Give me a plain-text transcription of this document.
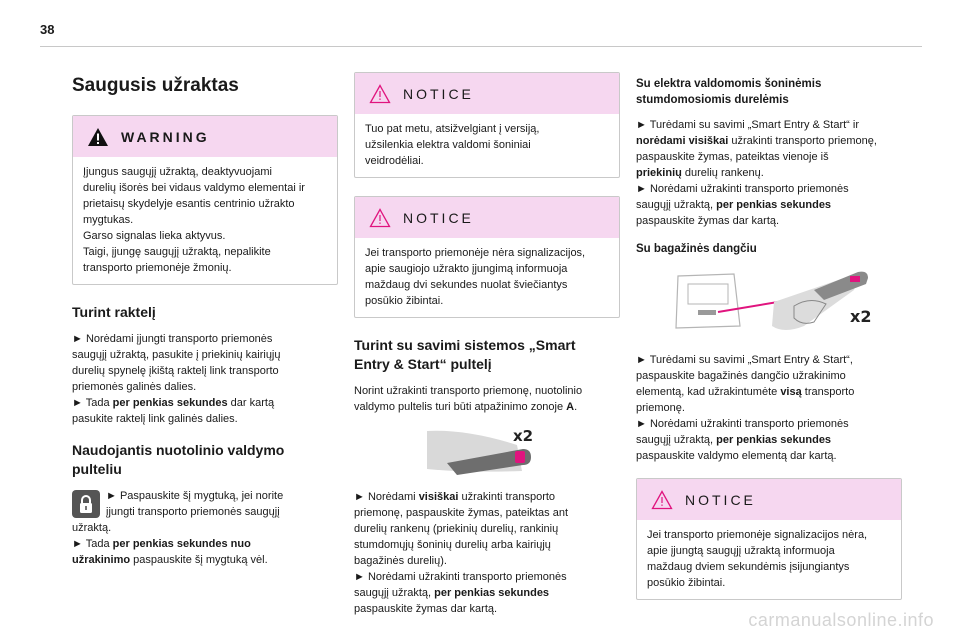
38
Saugusis užraktas
WARNING

Įjungus saugųjį užraktą, deaktyvuojami

durelių išorės bei vidaus valdymo elementai ir

prietaisų skydelyje esantis centrinio užrakto

mygtukas.

Garso signalas lieka aktyvus.

Taigi, įjungę saugųjį užraktą, nepalikite

transporto priemonėje žmonių.

Turint raktelį

► Norėdami įjungti transporto priemonės

saugųjį užraktą, pasukite į priekinių kairiųjų

durelių spynelę įkištą raktelį link transporto

priemonės galinės dalies.

► Tada per penkias sekundes dar kartą

pasukite raktelį link galinės dalies.

Naudojantis nuotolinio valdymo
pulteliu

► Paspauskite šį mygtuką, jei norite

įjungti transporto priemonės saugųjį

užraktą.

► Tada per penkias sekundes nuo

užrakinimo paspauskite šį mygtuką vėl.

NOTICE

Tuo pat metu, atsižvelgiant į versiją,

užsilenkia elektra valdomi šoniniai

veidrodėliai.

NOTICE

Jei transporto priemonėje nėra signalizacijos,

apie saugiojo užrakto įjungimą informuoja

maždaug dvi sekundes nuolat šviečiantys

posūkio žibintai.

Turint su savimi sistemos „Smart
Entry & Start“ pultelį

Norint užrakinti transporto priemonę, nuotolinio

valdymo pultelis turi būti atpažinimo zonoje A.

x2

► Norėdami visiškai užrakinti transporto

priemonę, paspauskite žymas, pateiktas ant

durelių rankenų (priekinių durelių, rankinių

stumdomųjų šoninių durelių arba kairiųjų

bagažinės durelių).

► Norėdami užrakinti transporto priemonės

saugųjį užraktą, per penkias sekundes

paspauskite žymas dar kartą.

Su elektra valdomomis šoninėmis
stumdomosiomis durelėmis

► Turėdami su savimi „Smart Entry & Start“ ir

norėdami visiškai užrakinti transporto priemonę,

paspauskite žymas, pateiktas vienoje iš

priekinių durelių rankenų.

► Norėdami užrakinti transporto priemonės

saugųjį užraktą, per penkias sekundes

paspauskite žymas dar kartą.

Su bagažinės dangčiu
x2

► Turėdami su savimi „Smart Entry & Start“,

paspauskite bagažinės dangčio užrakinimo

elementą, kad užrakintumėte visą transporto

priemonę.

► Norėdami užrakinti transporto priemonės

saugųjį užraktą, per penkias sekundes

paspauskite valdymo elementą dar kartą.

NOTICE

Jei transporto priemonėje signalizacijos nėra,

apie įjungtą saugųjį užraktą informuoja

maždaug dviem sekundėmis įsijungiantys

posūkio žibintai.

carmanualsonline.info
